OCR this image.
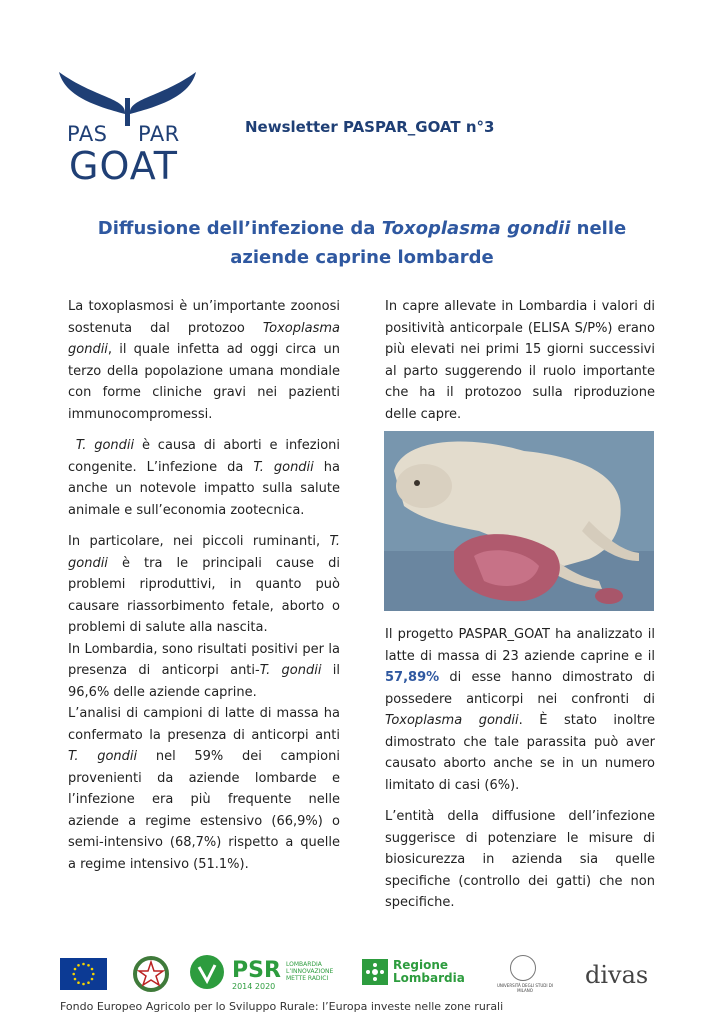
PAS PAR
GOAT
Newsletter PASPAR_GOAT n°3
Diffusione dell’infezione da Toxoplasma gondii nelle
aziende caprine lombarde

La toxoplasmosi è un’importante zoonosi sostenuta dal protozoo Toxoplasma gondii, il quale infetta ad oggi circa un terzo della popolazione umana mondiale con forme cliniche gravi nei pazienti immunocompromessi.

T. gondii è causa di aborti e infezioni congenite. L’infezione da T. gondii ha anche un notevole impatto sulla salute animale e sull’economia zootecnica.

In particolare, nei piccoli ruminanti, T. gondii è tra le principali cause di problemi riproduttivi, in quanto può causare riassorbimento fetale, aborto o problemi di salute alla nascita.

In Lombardia, sono risultati positivi per la presenza di anticorpi anti-T. gondii il 96,6% delle aziende caprine.

L’analisi di campioni di latte di massa ha confermato la presenza di anticorpi anti T. gondii nel 59% dei campioni provenienti da aziende lombarde e l’infezione era più frequente nelle aziende a regime estensivo (66,9%) o semi-intensivo (68,7%) rispetto a quelle a regime intensivo (51.1%).

In capre allevate in Lombardia i valori di positività anticorpale (ELISA S/P%) erano più elevati nei primi 15 giorni successivi al parto suggerendo il ruolo importante che ha il protozoo sulla riproduzione delle capre.

Il progetto PASPAR_GOAT ha analizzato il latte di massa di 23 aziende caprine e il 57,89% di esse hanno dimostrato di possedere anticorpi nei confronti di Toxoplasma gondii. È stato inoltre dimostrato che tale parassita può aver causato aborto anche se in un numero limitato di casi (6%).

L’entità della diffusione dell’infezione suggerisce di potenziare le misure di biosicurezza in azienda sia quelle specifiche (controllo dei gatti) che non specifiche.

PSR
2014 2020
LOMBARDIA L’INNOVAZIONE METTE RADICI
Regione
Lombardia
UNIVERSITÀ DEGLI STUDI DI MILANO
divas
Fondo Europeo Agricolo per lo Sviluppo Rurale: l’Europa investe nelle zone rurali
